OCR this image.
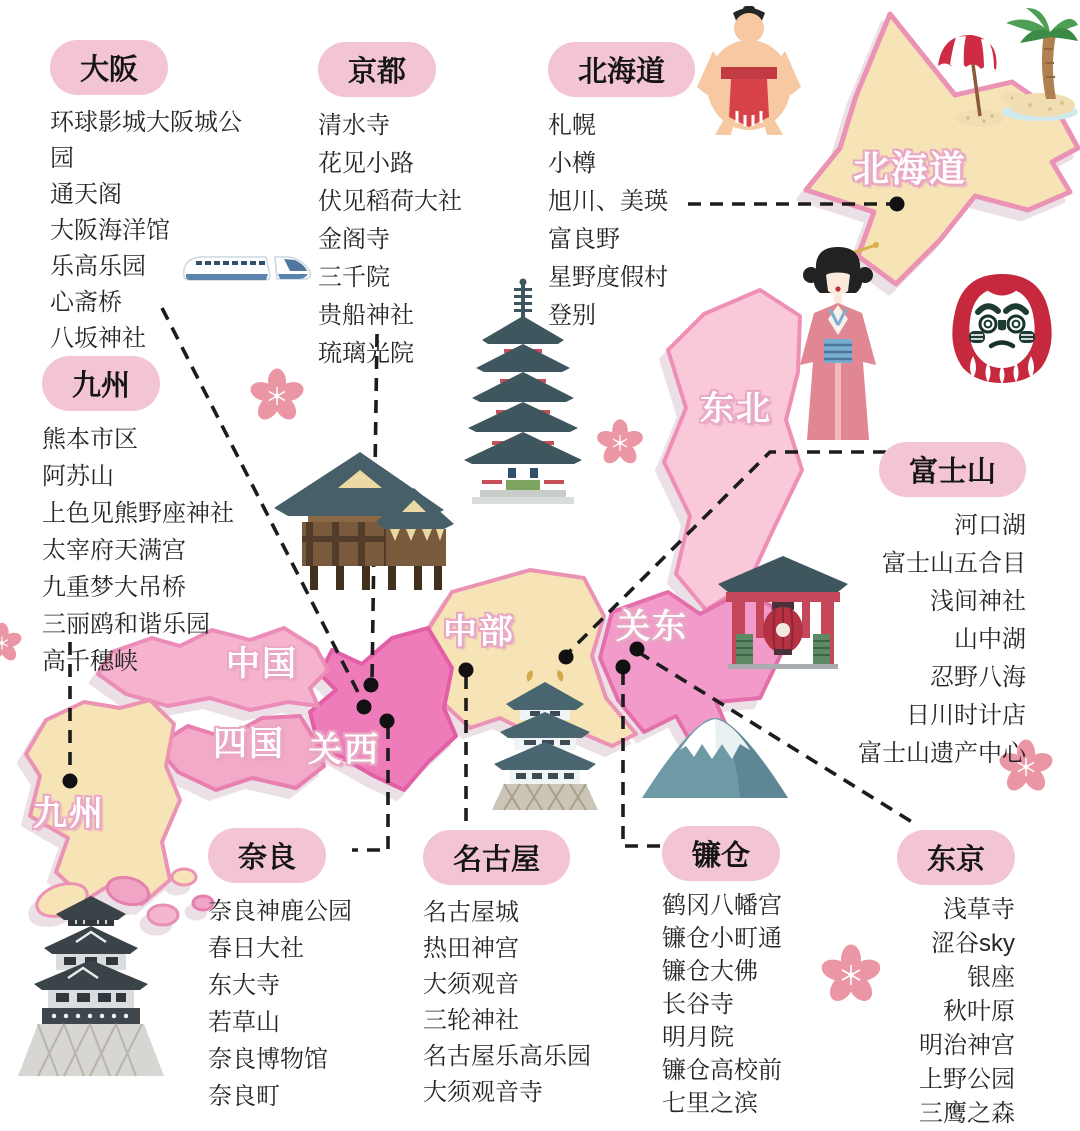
北海道
东北
关东
中部
关西
中国
四国
九州
大阪
环球影城大阪城公园
通天阁
大阪海洋馆
乐高乐园
心斋桥
八坂神社
京都
清水寺
花见小路
伏见稻荷大社
金阁寺
三千院
贵船神社
琉璃光院
北海道
札幌
小樽
旭川、美瑛
富良野
星野度假村
登别
九州
熊本市区
阿苏山
上色见熊野座神社
太宰府天满宫
九重梦大吊桥
三丽鸥和谐乐园
高千穗峡
富士山
河口湖
富士山五合目
浅间神社
山中湖
忍野八海
日川时计店
富士山遗产中心
奈良
奈良神鹿公园
春日大社
东大寺
若草山
奈良博物馆
奈良町
名古屋
名古屋城
热田神宫
大须观音
三轮神社
名古屋乐高乐园
大须观音寺
镰仓
鹤冈八幡宫
镰仓小町通
镰仓大佛
长谷寺
明月院
镰仓高校前
七里之滨
东京
浅草寺
涩谷sky
银座
秋叶原
明治神宫
上野公园
三鹰之森
